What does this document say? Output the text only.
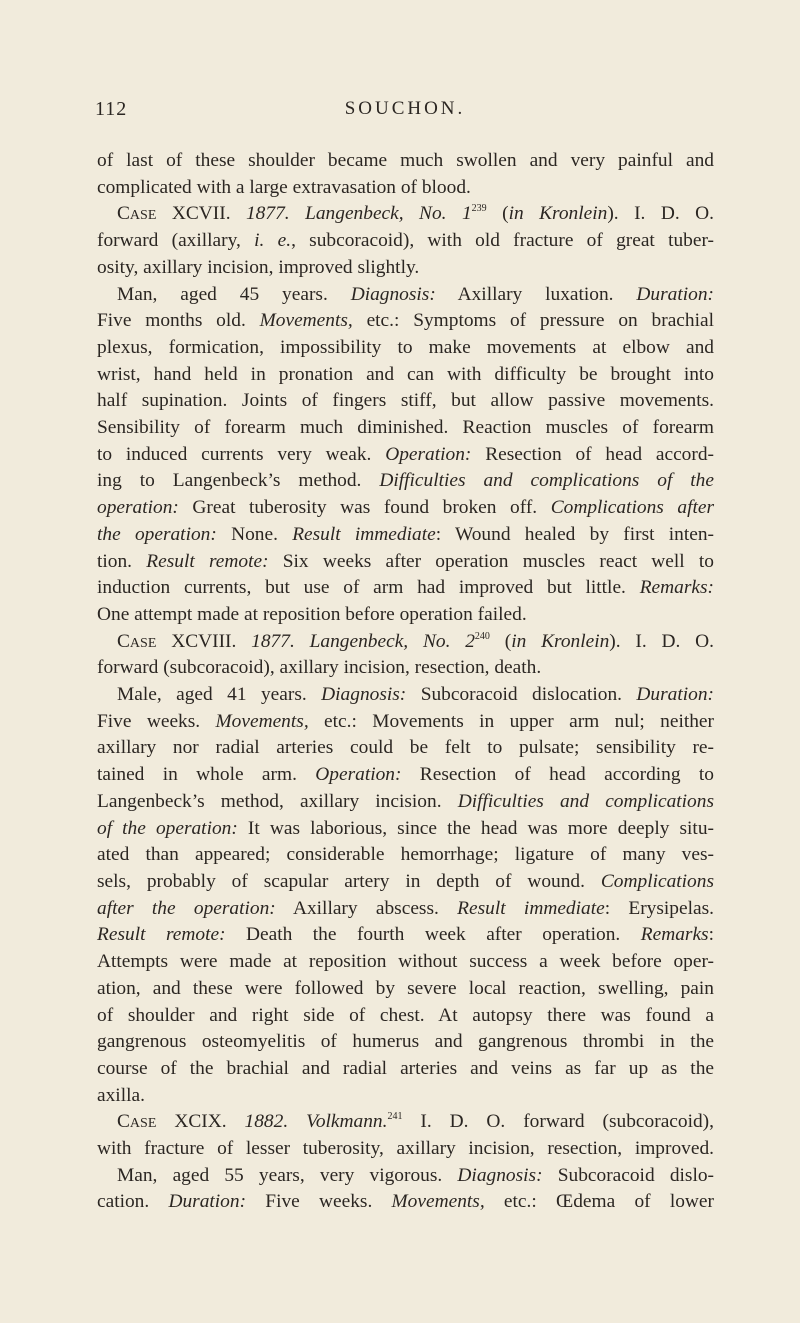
112	SOUCHON.
of last of these shoulder became much swollen and very painful and
complicated with a large extravasation of blood.
Case XCVII. 1877. Langenbeck, No. $1^{239}$ (in Kronlein). I. D. O.
forward (axillary, i. e., subcoracoid), with old fracture of great tuber-
osity, axillary incision, improved slightly.
Man, aged 45 years. Diagnosis: Axillary luxation. Duration:
Five months old. Movements, etc.: Symptoms of pressure on brachial
plexus, formication, impossibility to make movements at elbow and
wrist, hand held in pronation and can with difficulty be brought into
half supination. Joints of fingers stiff, but allow passive movements.
Sensibility of forearm much diminished. Reaction muscles of forearm
to induced currents very weak. Operation: Resection of head accord-
ing to Langenbeck’s method. Difficulties and complications of the
operation: Great tuberosity was found broken off. Complications after
the operation: None. Result immediate: Wound healed by first inten-
tion. Result remote: Six weeks after operation muscles react well to
induction currents, but use of arm had improved but little. Remarks:
One attempt made at reposition before operation failed.
Case XCVIII. 1877. Langenbeck, No. $2^{240}$ (in Kronlein). I. D. O.
forward (subcoracoid), axillary incision, resection, death.
Male, aged 41 years. Diagnosis: Subcoracoid dislocation. Duration:
Five weeks. Movements, etc.: Movements in upper arm nul; neither
axillary nor radial arteries could be felt to pulsate; sensibility re-
tained in whole arm. Operation: Resection of head according to
Langenbeck’s method, axillary incision. Difficulties and complications
of the operation: It was laborious, since the head was more deeply situ-
ated than appeared; considerable hemorrhage; ligature of many ves-
sels, probably of scapular artery in depth of wound. Complications
after the operation: Axillary abscess. Result immediate: Erysipelas.
Result remote: Death the fourth week after operation. Remarks:
Attempts were made at reposition without success a week before oper-
ation, and these were followed by severe local reaction, swelling, pain
of shoulder and right side of chest. At autopsy there was found a
gangrenous osteomyelitis of humerus and gangrenous thrombi in the
course of the brachial and radial arteries and veins as far up as the
axilla.
Case XCIX. 1882. Volkmann.$^{241}$ I. D. O. forward (subcoracoid),
with fracture of lesser tuberosity, axillary incision, resection, improved.
Man, aged 55 years, very vigorous. Diagnosis: Subcoracoid dislo-
cation. Duration: Five weeks. Movements, etc.: Œdema of lower
